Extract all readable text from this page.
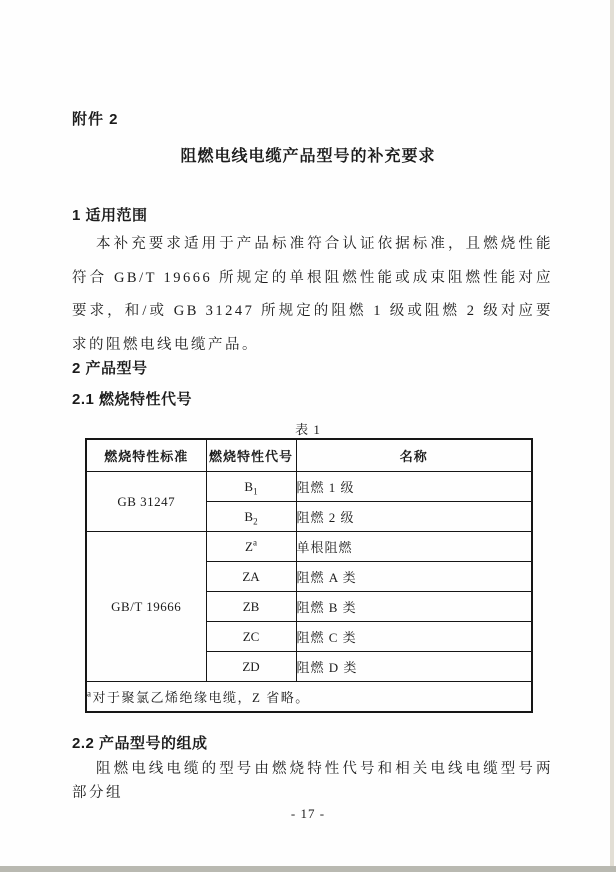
附件 2
阻燃电线电缆产品型号的补充要求
1 适用范围
本补充要求适用于产品标准符合认证依据标准，且燃烧性能符合 GB/T 19666 所规定的单根阻燃性能或成束阻燃性能对应要求，和/或 GB 31247 所规定的阻燃 1 级或阻燃 2 级对应要求的阻燃电线电缆产品。
2 产品型号
2.1 燃烧特性代号
表 1
燃烧特性标准	燃烧特性代号	名称
GB 31247	$B_1$	阻燃 1 级
	$B_2$	阻燃 2 级
GB/T 19666	$Z^a$	单根阻燃
	ZA	阻燃 A 类
	ZB	阻燃 B 类
	ZC	阻燃 C 类
	ZD	阻燃 D 类
$^a$对于聚氯乙烯绝缘电缆，Z 省略。		
2.2 产品型号的组成
阻燃电线电缆的型号由燃烧特性代号和相关电线电缆型号两部分组
- 17 -
